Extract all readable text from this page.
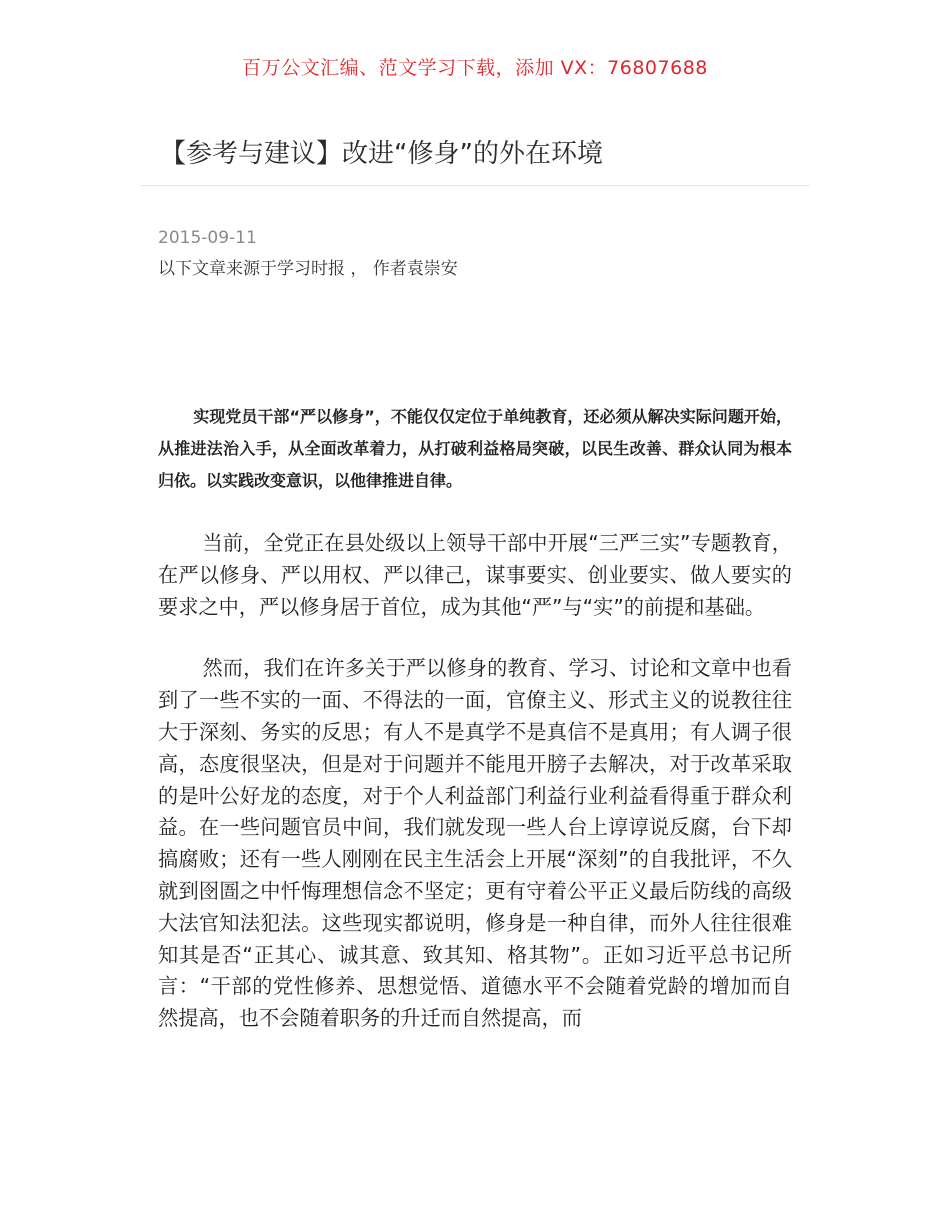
百万公文汇编、范文学习下载，添加 VX：76807688
【参考与建议】改进“修身”的外在环境
2015-09-11
以下文章来源于学习时报 ， 作者袁崇安

实现党员干部“严以修身”，不能仅仅定位于单纯教育，还必须从解决实际问题开始，从推进法治入手，从全面改革着力，从打破利益格局突破，以民生改善、群众认同为根本归依。以实践改变意识，以他律推进自律。

当前，全党正在县处级以上领导干部中开展“三严三实”专题教育，在严以修身、严以用权、严以律己，谋事要实、创业要实、做人要实的要求之中，严以修身居于首位，成为其他“严”与“实”的前提和基础。

然而，我们在许多关于严以修身的教育、学习、讨论和文章中也看到了一些不实的一面、不得法的一面，官僚主义、形式主义的说教往往大于深刻、务实的反思；有人不是真学不是真信不是真用；有人调子很高，态度很坚决，但是对于问题并不能甩开膀子去解决，对于改革采取的是叶公好龙的态度，对于个人利益部门利益行业利益看得重于群众利益。在一些问题官员中间，我们就发现一些人台上谆谆说反腐，台下却搞腐败；还有一些人刚刚在民主生活会上开展“深刻”的自我批评，不久就到囹圄之中忏悔理想信念不坚定；更有守着公平正义最后防线的高级大法官知法犯法。这些现实都说明，修身是一种自律，而外人往往很难知其是否“正其心、诚其意、致其知、格其物”。正如习近平总书记所言：“干部的党性修养、思想觉悟、道德水平不会随着党龄的增加而自然提高，也不会随着职务的升迁而自然提高，而
